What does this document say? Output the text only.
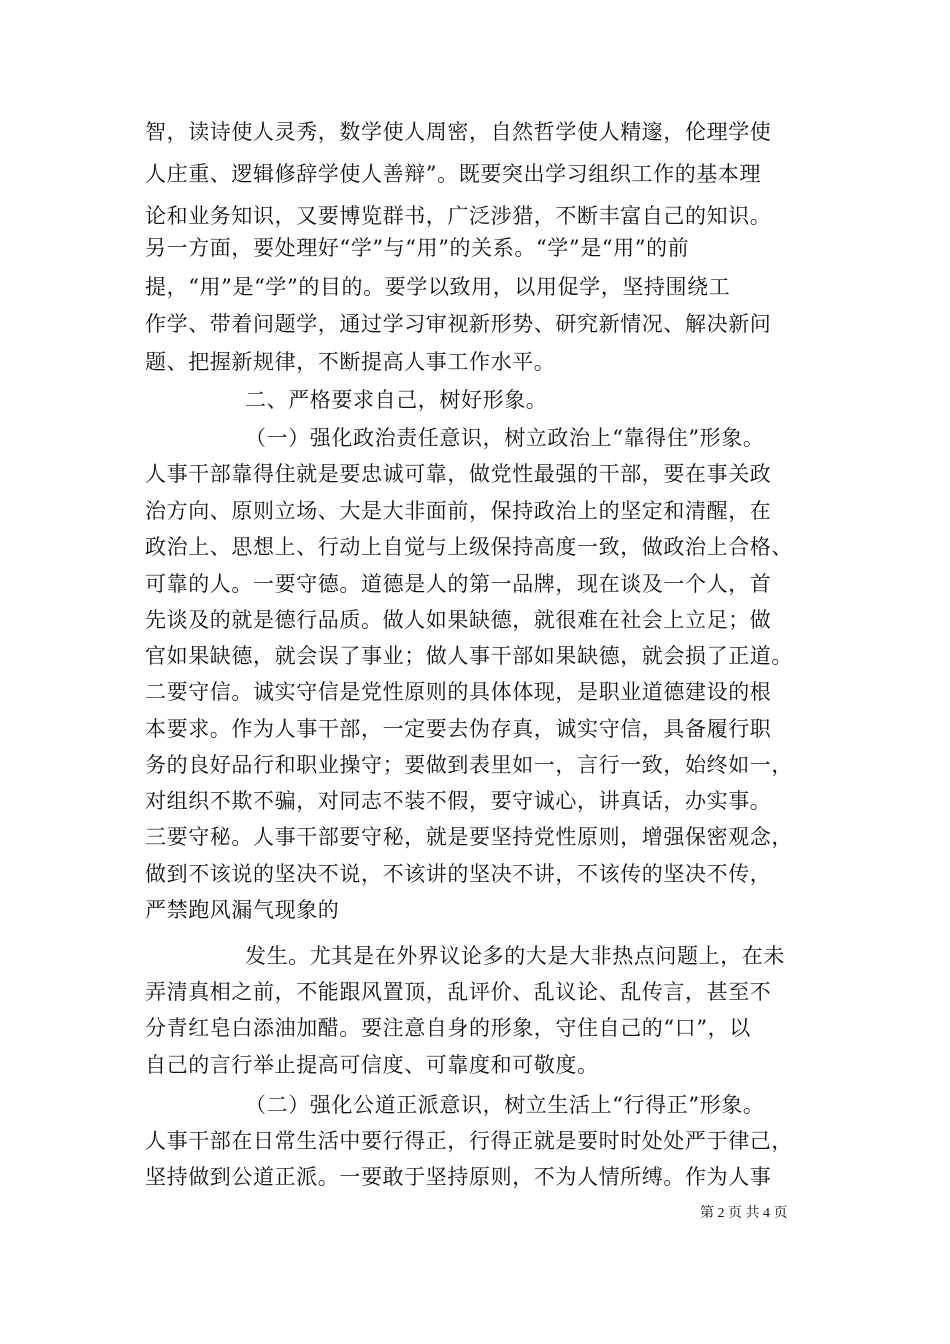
智，读诗使人灵秀，数学使人周密，自然哲学使人精邃，伦理学使
人庄重、逻辑修辞学使人善辩”。既要突出学习组织工作的基本理
论和业务知识，又要博览群书，广泛涉猎，不断丰富自己的知识。
另一方面，要处理好“学”与“用”的关系。“学”是“用”的前
提，“用”是“学”的目的。要学以致用，以用促学，坚持围绕工
作学、带着问题学，通过学习审视新形势、研究新情况、解决新问
题、把握新规律，不断提高人事工作水平。
二、严格要求自己，树好形象。
（一）强化政治责任意识，树立政治上“靠得住”形象。
人事干部靠得住就是要忠诚可靠，做党性最强的干部，要在事关政
治方向、原则立场、大是大非面前，保持政治上的坚定和清醒，在
政治上、思想上、行动上自觉与上级保持高度一致，做政治上合格、
可靠的人。一要守德。道德是人的第一品牌，现在谈及一个人，首
先谈及的就是德行品质。做人如果缺德，就很难在社会上立足；做
官如果缺德，就会误了事业；做人事干部如果缺德，就会损了正道。
二要守信。诚实守信是党性原则的具体体现，是职业道德建设的根
本要求。作为人事干部，一定要去伪存真，诚实守信，具备履行职
务的良好品行和职业操守；要做到表里如一，言行一致，始终如一，
对组织不欺不骗，对同志不装不假，要守诚心，讲真话，办实事。
三要守秘。人事干部要守秘，就是要坚持党性原则，增强保密观念，
做到不该说的坚决不说，不该讲的坚决不讲，不该传的坚决不传，
严禁跑风漏气现象的
发生。尤其是在外界议论多的大是大非热点问题上，在未
弄清真相之前，不能跟风置顶，乱评价、乱议论、乱传言，甚至不
分青红皂白添油加醋。要注意自身的形象，守住自己的“口”，以
自己的言行举止提高可信度、可靠度和可敬度。
（二）强化公道正派意识，树立生活上“行得正”形象。
人事干部在日常生活中要行得正，行得正就是要时时处处严于律己，
坚持做到公道正派。一要敢于坚持原则，不为人情所缚。作为人事
第 2 页 共 4 页
